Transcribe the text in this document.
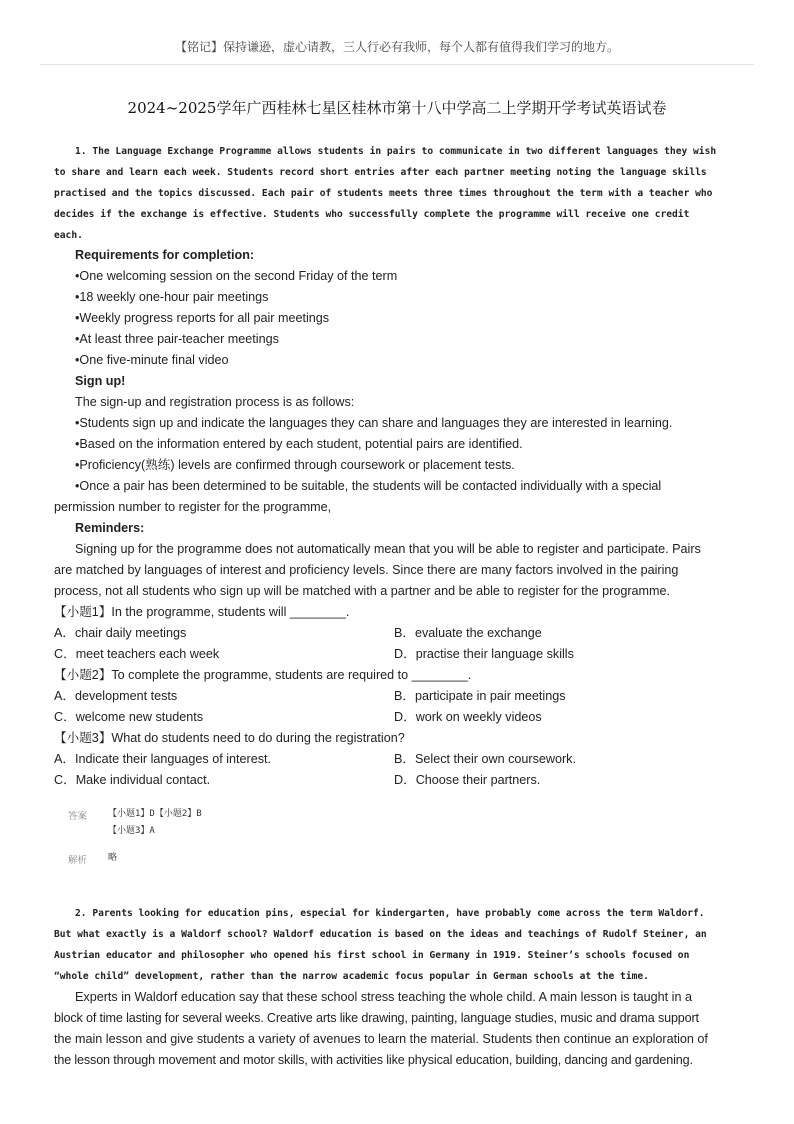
【铭记】保持谦逊，虚心请教，三人行必有我师，每个人都有值得我们学习的地方。
2024~2025学年广西桂林七星区桂林市第十八中学高二上学期开学考试英语试卷
1. The Language Exchange Programme allows students in pairs to communicate in two different languages they wish
to share and learn each week. Students record short entries after each partner meeting noting the language skills
practised and the topics discussed. Each pair of students meets three times throughout the term with a teacher who
decides if the exchange is effective. Students who successfully complete the programme will receive one credit
each.
Requirements for completion:
•One welcoming session on the second Friday of the term
•18 weekly one-hour pair meetings
•Weekly progress reports for all pair meetings
•At least three pair-teacher meetings
•One five-minute final video
Sign up!
The sign-up and registration process is as follows:
•Students sign up and indicate the languages they can share and languages they are interested in learning.
•Based on the information entered by each student, potential pairs are identified.
•Proficiency(熟练) levels are confirmed through coursework or placement tests.
•Once a pair has been determined to be suitable, the students will be contacted individually with a special
permission number to register for the programme,
Reminders:
Signing up for the programme does not automatically mean that you will be able to register and participate. Pairs
are matched by languages of interest and proficiency levels. Since there are many factors involved in the pairing
process, not all students who sign up will be matched with a partner and be able to register for the programme.
【小题1】In the programme, students will ________.
A．chair daily meetings	B．evaluate the exchange
C．meet teachers each week	D．practise their language skills
【小题2】To complete the programme, students are required to ________.
A．development tests	B．participate in pair meetings
C．welcome new students	D．work on weekly videos
【小题3】What do students need to do during the registration?
A．Indicate their languages of interest.	B．Select their own coursework.
C．Make individual contact.	D．Choose their partners.
答案 【小题1】D【小题2】B
【小题3】A
解析 略
2. Parents looking for education pins, especial for kindergarten, have probably come across the term Waldorf.
But what exactly is a Waldorf school? Waldorf education is based on the ideas and teachings of Rudolf Steiner, an
Austrian educator and philosopher who opened his first school in Germany in 1919. Steiner’s schools focused on
“whole child” development, rather than the narrow academic focus popular in German schools at the time.
Experts in Waldorf education say that these school stress teaching the whole child. A main lesson is taught in a
block of time lasting for several weeks. Creative arts like drawing, painting, language studies, music and drama support
the main lesson and give students a variety of avenues to learn the material. Students then continue an exploration of
the lesson through movement and motor skills, with activities like physical education, building, dancing and gardening.
